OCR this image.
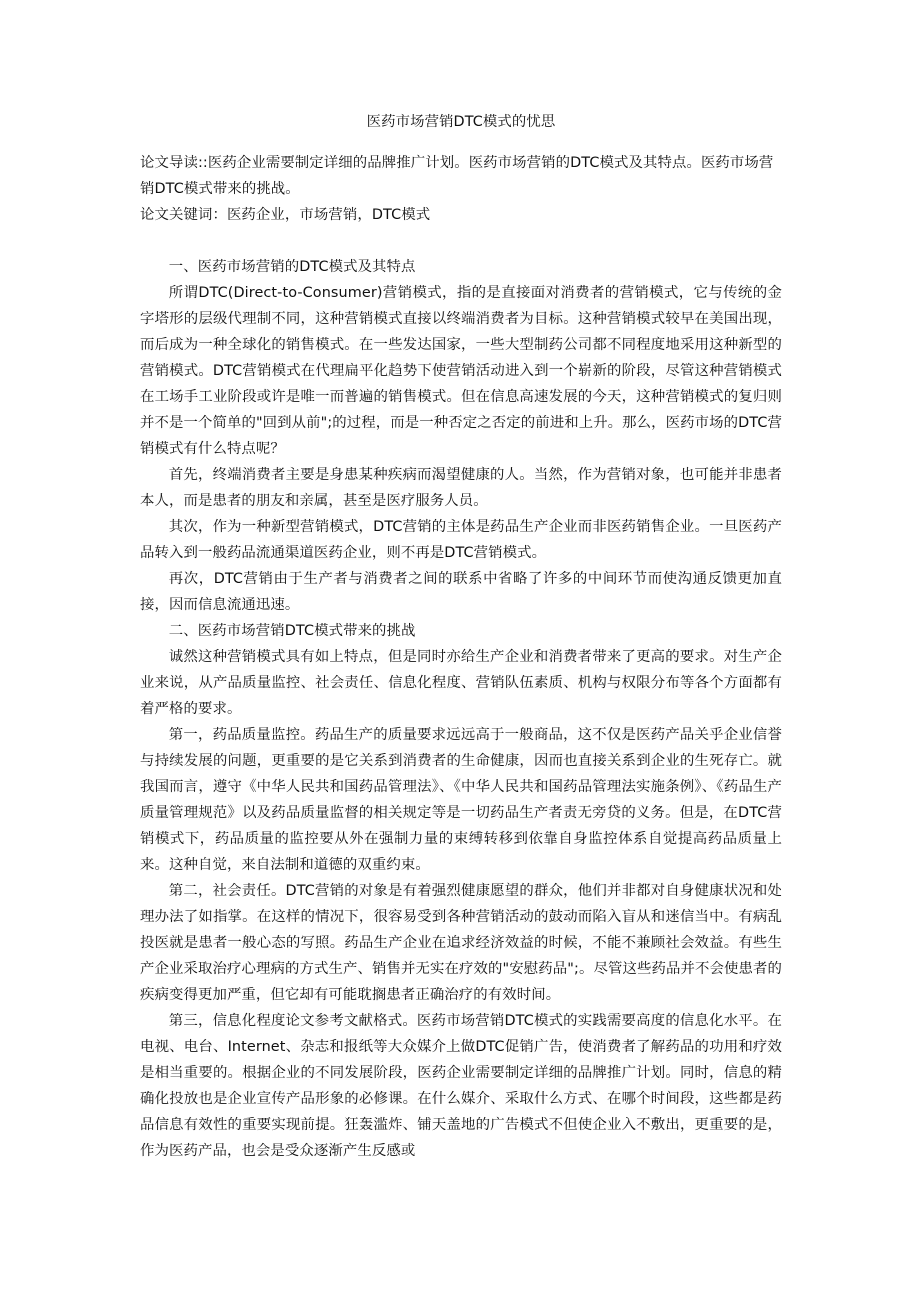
医药市场营销DTC模式的忧思

论文导读::医药企业需要制定详细的品牌推广计划。医药市场营销的DTC模式及其特点。医药市场营销DTC模式带来的挑战。

论文关键词：医药企业，市场营销，DTC模式

一、医药市场营销的DTC模式及其特点

所谓DTC(Direct-to-Consumer)营销模式，指的是直接面对消费者的营销模式，它与传统的金字塔形的层级代理制不同，这种营销模式直接以终端消费者为目标。这种营销模式较早在美国出现，而后成为一种全球化的销售模式。在一些发达国家，一些大型制药公司都不同程度地采用这种新型的营销模式。DTC营销模式在代理扁平化趋势下使营销活动进入到一个崭新的阶段，尽管这种营销模式在工场手工业阶段或许是唯一而普遍的销售模式。但在信息高速发展的今天，这种营销模式的复归则并不是一个简单的"回到从前";的过程，而是一种否定之否定的前进和上升。那么，医药市场的DTC营销模式有什么特点呢？

首先，终端消费者主要是身患某种疾病而渴望健康的人。当然，作为营销对象，也可能并非患者本人，而是患者的朋友和亲属，甚至是医疗服务人员。

其次，作为一种新型营销模式，DTC营销的主体是药品生产企业而非医药销售企业。一旦医药产品转入到一般药品流通渠道医药企业，则不再是DTC营销模式。

再次，DTC营销由于生产者与消费者之间的联系中省略了许多的中间环节而使沟通反馈更加直接，因而信息流通迅速。

二、医药市场营销DTC模式带来的挑战

诚然这种营销模式具有如上特点，但是同时亦给生产企业和消费者带来了更高的要求。对生产企业来说，从产品质量监控、社会责任、信息化程度、营销队伍素质、机构与权限分布等各个方面都有着严格的要求。

第一，药品质量监控。药品生产的质量要求远远高于一般商品，这不仅是医药产品关乎企业信誉与持续发展的问题，更重要的是它关系到消费者的生命健康，因而也直接关系到企业的生死存亡。就我国而言，遵守《中华人民共和国药品管理法》、《中华人民共和国药品管理法实施条例》、《药品生产质量管理规范》以及药品质量监督的相关规定等是一切药品生产者责无旁贷的义务。但是，在DTC营销模式下，药品质量的监控要从外在强制力量的束缚转移到依靠自身监控体系自觉提高药品质量上来。这种自觉，来自法制和道德的双重约束。

第二，社会责任。DTC营销的对象是有着强烈健康愿望的群众，他们并非都对自身健康状况和处理办法了如指掌。在这样的情况下，很容易受到各种营销活动的鼓动而陷入盲从和迷信当中。有病乱投医就是患者一般心态的写照。药品生产企业在追求经济效益的时候，不能不兼顾社会效益。有些生产企业采取治疗心理病的方式生产、销售并无实在疗效的"安慰药品";。尽管这些药品并不会使患者的疾病变得更加严重，但它却有可能耽搁患者正确治疗的有效时间。

第三，信息化程度论文参考文献格式。医药市场营销DTC模式的实践需要高度的信息化水平。在电视、电台、Internet、杂志和报纸等大众媒介上做DTC促销广告，使消费者了解药品的功用和疗效是相当重要的。根据企业的不同发展阶段，医药企业需要制定详细的品牌推广计划。同时，信息的精确化投放也是企业宣传产品形象的必修课。在什么媒介、采取什么方式、在哪个时间段，这些都是药品信息有效性的重要实现前提。狂轰滥炸、铺天盖地的广告模式不但使企业入不敷出，更重要的是，作为医药产品，也会是受众逐渐产生反感或
